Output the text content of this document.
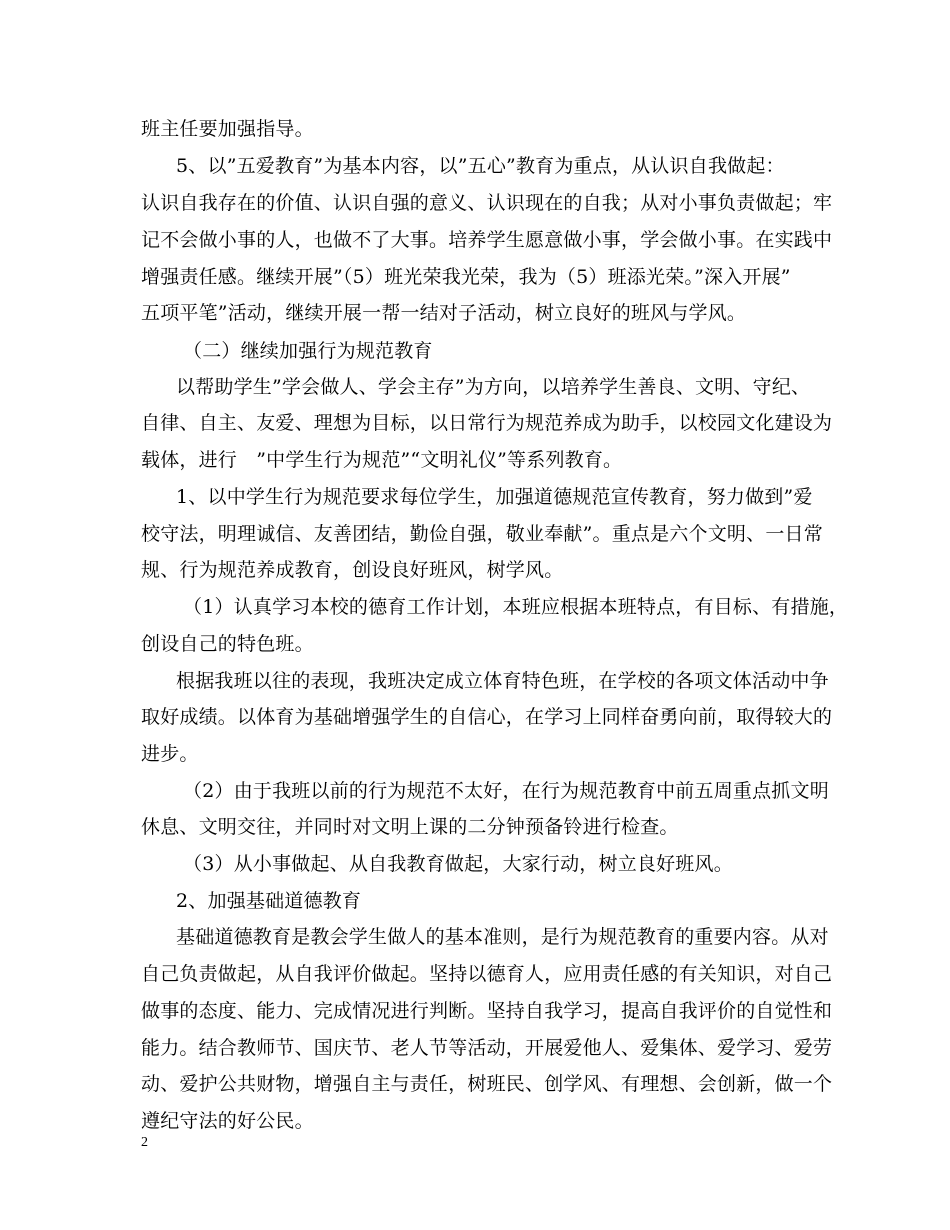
班主任要加强指导。
5、以”五爱教育”为基本内容，以”五心”教育为重点，从认识自我做起：
认识自我存在的价值、认识自强的意义、认识现在的自我；从对小事负责做起；牢
记不会做小事的人，也做不了大事。培养学生愿意做小事，学会做小事。在实践中
增强责任感。继续开展”（5）班光荣我光荣，我为（5）班添光荣。”深入开展”
五项平笔”活动，继续开展一帮一结对子活动，树立良好的班风与学风。
（二）继续加强行为规范教育
以帮助学生”学会做人、学会主存”为方向，以培养学生善良、文明、守纪、
自律、自主、友爱、理想为目标，以日常行为规范养成为助手，以校园文化建设为
载体，进行　”中学生行为规范”“文明礼仪”等系列教育。
1、以中学生行为规范要求每位学生，加强道德规范宣传教育，努力做到”爱
校守法，明理诚信、友善团结，勤俭自强，敬业奉献”。重点是六个文明、一日常
规、行为规范养成教育，创设良好班风，树学风。
（1）认真学习本校的德育工作计划，本班应根据本班特点，有目标、有措施，
创设自己的特色班。
根据我班以往的表现，我班决定成立体育特色班，在学校的各项文体活动中争
取好成绩。以体育为基础增强学生的自信心，在学习上同样奋勇向前，取得较大的
进步。
（2）由于我班以前的行为规范不太好，在行为规范教育中前五周重点抓文明
休息、文明交往，并同时对文明上课的二分钟预备铃进行检查。
（3）从小事做起、从自我教育做起，大家行动，树立良好班风。
2、加强基础道德教育
基础道德教育是教会学生做人的基本准则，是行为规范教育的重要内容。从对
自己负责做起，从自我评价做起。坚持以德育人，应用责任感的有关知识，对自己
做事的态度、能力、完成情况进行判断。坚持自我学习，提高自我评价的自觉性和
能力。结合教师节、国庆节、老人节等活动，开展爱他人、爱集体、爱学习、爱劳
动、爱护公共财物，增强自主与责任，树班民、创学风、有理想、会创新，做一个
遵纪守法的好公民。
2
